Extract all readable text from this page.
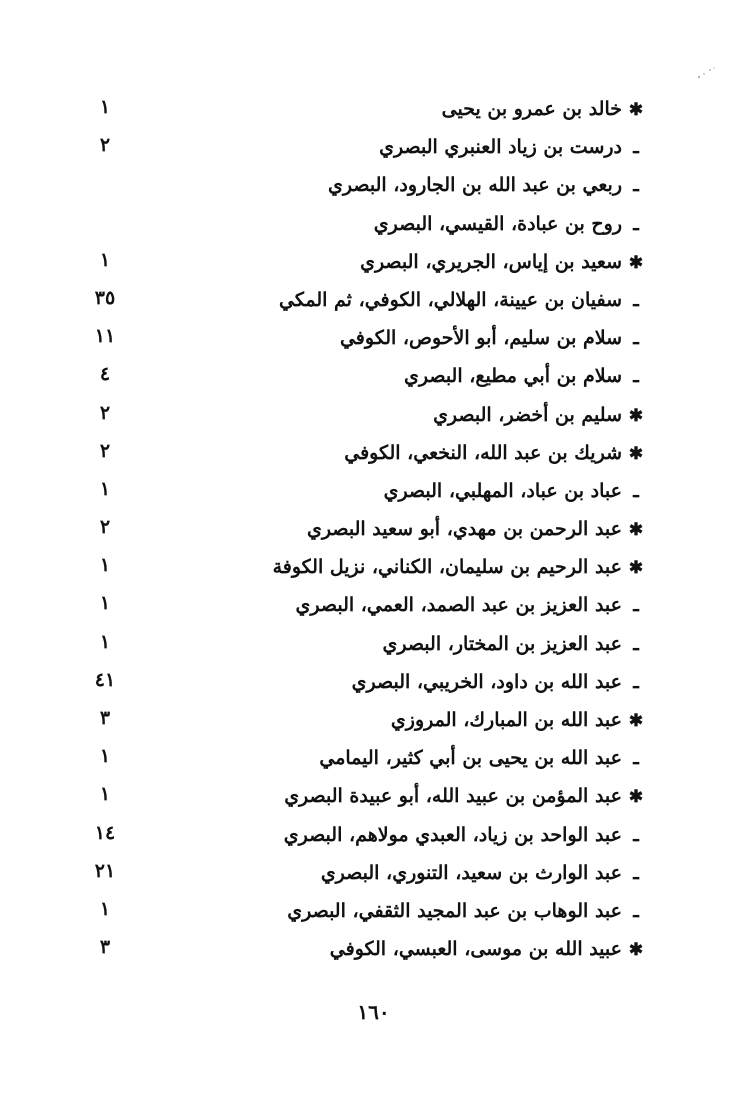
✱خالد بن عمرو بن يحيى
١
ـدرست بن زياد العنبري البصري
٢
ـربعي بن عبد الله بن الجارود، البصري
ـروح بن عبادة، القيسي، البصري
✱سعيد بن إياس، الجريري، البصري
١
ـسفيان بن عيينة، الهلالي، الكوفي، ثم المكي
٣٥
ـسلام بن سليم، أبو الأحوص، الكوفي
١١
ـسلام بن أبي مطيع، البصري
٤
✱سليم بن أخضر، البصري
٢
✱شريك بن عبد الله، النخعي، الكوفي
٢
ـعباد بن عباد، المهلبي، البصري
١
✱عبد الرحمن بن مهدي، أبو سعيد البصري
٢
✱عبد الرحيم بن سليمان، الكناني، نزيل الكوفة
١
ـعبد العزيز بن عبد الصمد، العمي، البصري
١
ـعبد العزيز بن المختار، البصري
١
ـعبد الله بن داود، الخريبي، البصري
٤١
✱عبد الله بن المبارك، المروزي
٣
ـعبد الله بن يحيى بن أبي كثير، اليمامي
١
✱عبد المؤمن بن عبيد الله، أبو عبيدة البصري
١
ـعبد الواحد بن زياد، العبدي مولاهم، البصري
١٤
ـعبد الوارث بن سعيد، التنوري، البصري
٢١
ـعبد الوهاب بن عبد المجيد الثقفي، البصري
١
✱عبيد الله بن موسى، العبسي، الكوفي
٣
١٦٠
